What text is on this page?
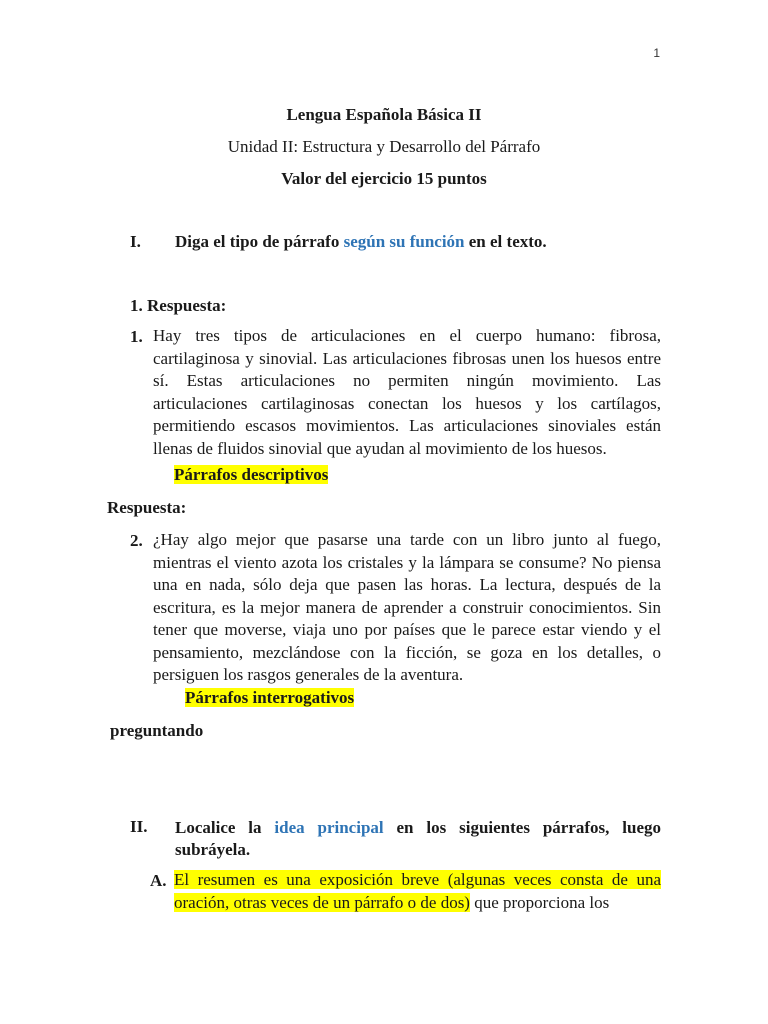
1
Lengua Española Básica II
Unidad II: Estructura y Desarrollo del Párrafo
Valor del ejercicio 15 puntos
I. Diga el tipo de párrafo según su función en el texto.
1. Respuesta:
1. Hay tres tipos de articulaciones en el cuerpo humano: fibrosa, cartilaginosa y sinovial. Las articulaciones fibrosas unen los huesos entre sí. Estas articulaciones no permiten ningún movimiento. Las articulaciones cartilaginosas conectan los huesos y los cartílagos, permitiendo escasos movimientos. Las articulaciones sinoviales están llenas de fluidos sinovial que ayudan al movimiento de los huesos.
Párrafos descriptivos
Respuesta:
2. ¿Hay algo mejor que pasarse una tarde con un libro junto al fuego, mientras el viento azota los cristales y la lámpara se consume? No piensa una en nada, sólo deja que pasen las horas. La lectura, después de la escritura, es la mejor manera de aprender a construir conocimientos. Sin tener que moverse, viaja uno por países que le parece estar viendo y el pensamiento, mezclándose con la ficción, se goza en los detalles, o persiguen los rasgos generales de la aventura.
Párrafos interrogativos
preguntando
II. Localice la idea principal en los siguientes párrafos, luego subráyela.
A. El resumen es una exposición breve (algunas veces consta de una oración, otras veces de un párrafo o de dos) que proporciona los
